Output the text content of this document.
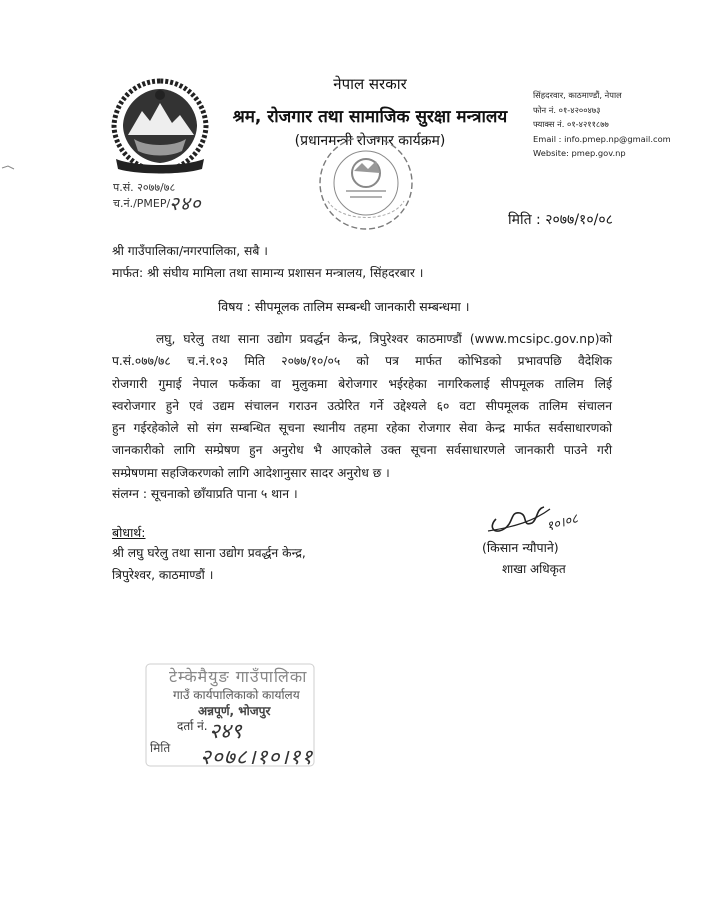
नेपाल सरकार
श्रम, रोजगार तथा सामाजिक सुरक्षा मन्त्रालय
(प्रधानमन्त्री रोजगार कार्यक्रम)
सिंहदरवार, काठमाण्डौं, नेपाल
फोन नं. ०१-४२००४७३
फ्याक्स नं. ०१-४२११८७७
Email : info.pmep.np@gmail.com
Website: pmep.gov.np
प.सं. २०७७/७८
च.नं./PMEP/
२४०
मिति : २०७७/१०/०८
श्री गाउँपालिका/नगरपालिका, सबै ।
मार्फत: श्री संघीय मामिला तथा सामान्य प्रशासन मन्त्रालय, सिंहदरबार ।
विषय : सीपमूलक तालिम सम्बन्धी जानकारी सम्बन्धमा ।
लघु, घरेलु तथा साना उद्योग प्रवर्द्धन केन्द्र, त्रिपुरेश्वर काठमाण्डौं (www.mcsipc.gov.np)को
प.सं.०७७/७८ च.नं.१०३ मिति २०७७/१०/०५ को पत्र मार्फत कोभिडको प्रभावपछि वैदेशिक
रोजगारी गुमाई नेपाल फर्केका वा मुलुकमा बेरोजगार भईरहेका नागरिकलाई सीपमूलक तालिम लिई
स्वरोजगार हुने एवं उद्यम संचालन गराउन उत्प्रेरित गर्ने उद्देश्यले ६० वटा सीपमूलक तालिम संचालन
हुन गईरहेकोले सो संग सम्बन्धित सूचना स्थानीय तहमा रहेका रोजगार सेवा केन्द्र मार्फत सर्वसाधारणको
जानकारीको लागि सम्प्रेषण हुन अनुरोध भै आएकोले उक्त सूचना सर्वसाधारणले जानकारी पाउने गरी
सम्प्रेषणमा सहजिकरणको लागि आदेशानुसार सादर अनुरोध छ ।
संलग्न : सूचनाको छाँयाप्रति पाना ५ थान ।
बोधार्थ:
श्री लघु घरेलु तथा साना उद्योग प्रवर्द्धन केन्द्र,
त्रिपुरेश्वर, काठमाण्डौं ।
१०।०८
(किसान न्यौपाने)
शाखा अधिकृत
टेम्केमैयुङ गाउँपालिका
गाउँ कार्यपालिकाको कार्यालय
अन्नपूर्ण, भोजपुर
दर्ता नं.
मिति
२४९
२०७८।१०।११
